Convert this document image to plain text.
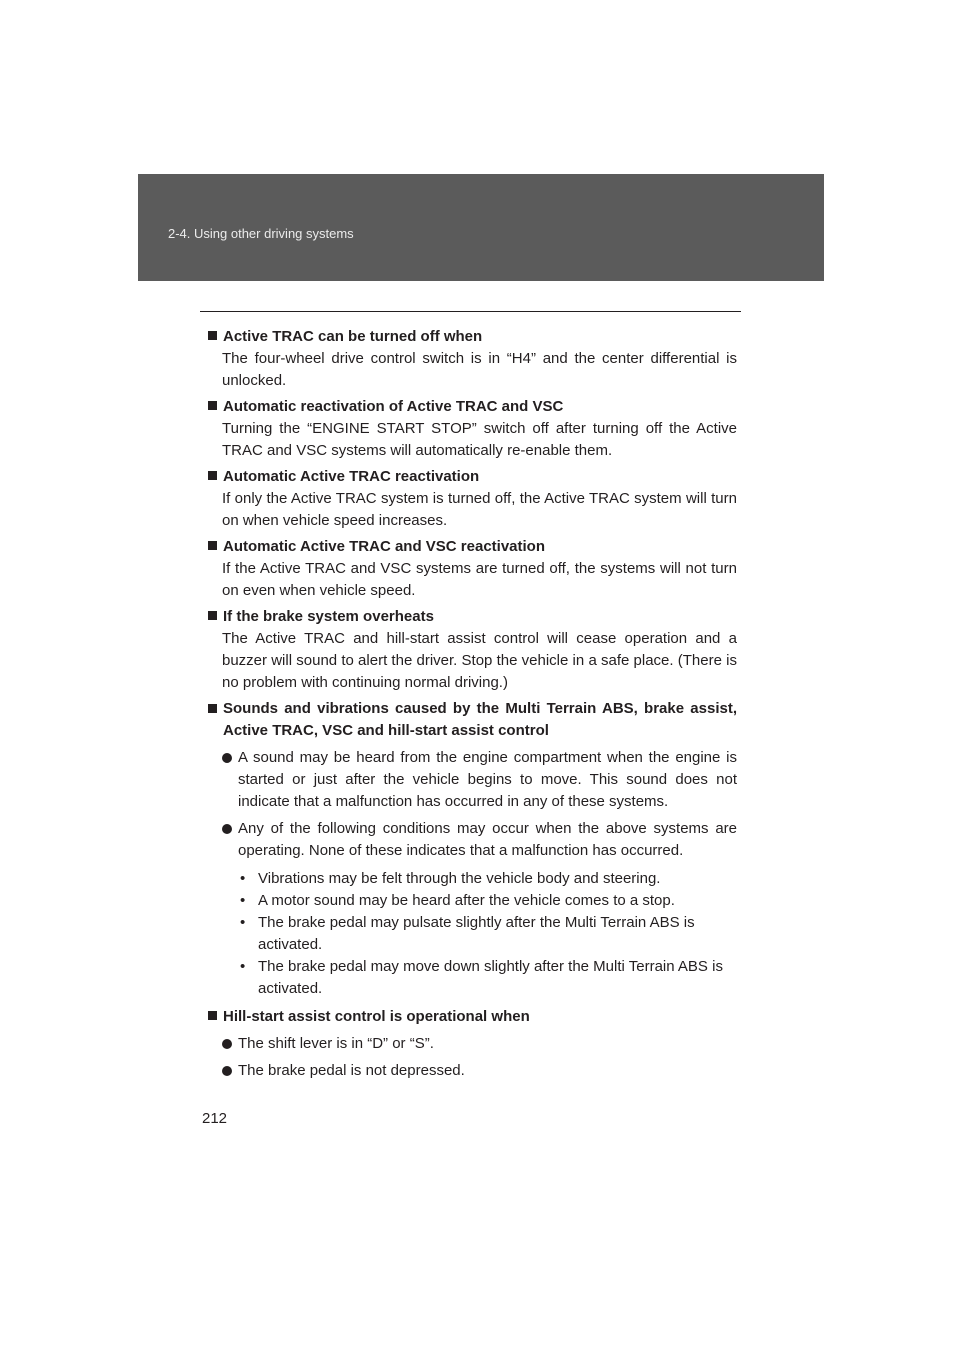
2-4. Using other driving systems
Active TRAC can be turned off when
The four-wheel drive control switch is in “H4” and the center differential is unlocked.
Automatic reactivation of Active TRAC and VSC
Turning the “ENGINE START STOP” switch off after turning off the Active TRAC and VSC systems will automatically re-enable them.
Automatic Active TRAC reactivation
If only the Active TRAC system is turned off, the Active TRAC system will turn on when vehicle speed increases.
Automatic Active TRAC and VSC reactivation
If the Active TRAC and VSC systems are turned off, the systems will not turn on even when vehicle speed.
If the brake system overheats
The Active TRAC and hill-start assist control will cease operation and a buzzer will sound to alert the driver. Stop the vehicle in a safe place. (There is no problem with continuing normal driving.)
Sounds and vibrations caused by the Multi Terrain ABS, brake assist, Active TRAC, VSC and hill-start assist control
A sound may be heard from the engine compartment when the engine is started or just after the vehicle begins to move. This sound does not indicate that a malfunction has occurred in any of these systems.
Any of the following conditions may occur when the above systems are operating. None of these indicates that a malfunction has occurred.
• Vibrations may be felt through the vehicle body and steering.
• A motor sound may be heard after the vehicle comes to a stop.
• The brake pedal may pulsate slightly after the Multi Terrain ABS is activated.
• The brake pedal may move down slightly after the Multi Terrain ABS is activated.
Hill-start assist control is operational when
The shift lever is in “D” or “S”.
The brake pedal is not depressed.
212
